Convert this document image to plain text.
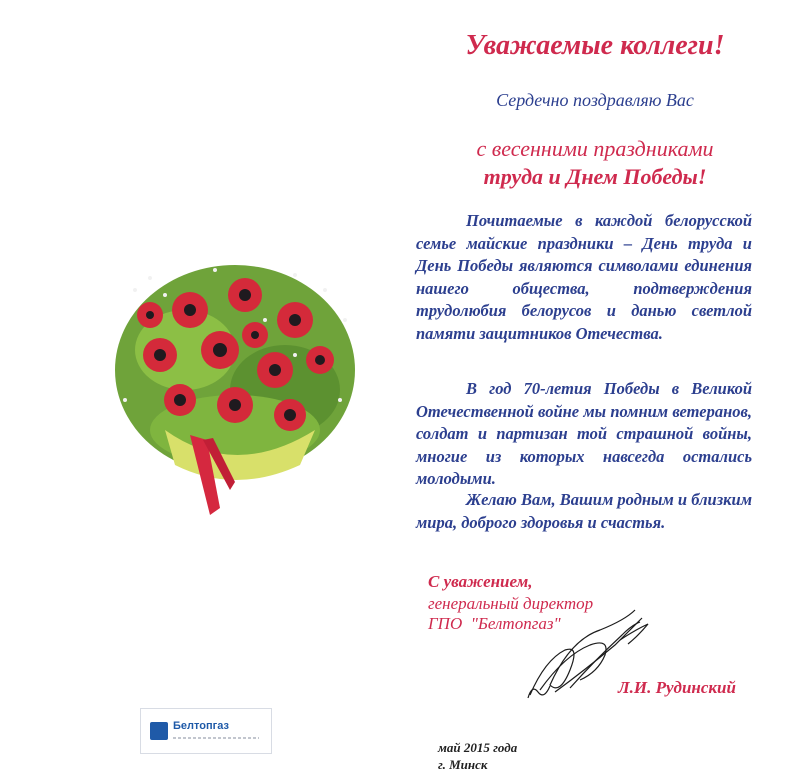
Уважаемые коллеги!
Сердечно поздравляю Вас
с весенними праздниками
труда и Днем Победы!

Почитаемые в каждой белорусской семье майские праздники – День труда и День Победы являются символами единения нашего общества, подтверждения трудолюбия белорусов и данью светлой памяти защитников Отечества.

В год 70-летия Победы в Великой Отечественной войне мы помним ветеранов, солдат и партизан той страшной войны, многие из которых навсегда остались молодыми.

Желаю Вам, Вашим родным и близким мира, доброго здоровья и счастья.

С уважением,
генеральный директор
ГПО  "Белтопгаз"
Л.И. Рудинский
Белтопгаз
май 2015 года
г. Минск
